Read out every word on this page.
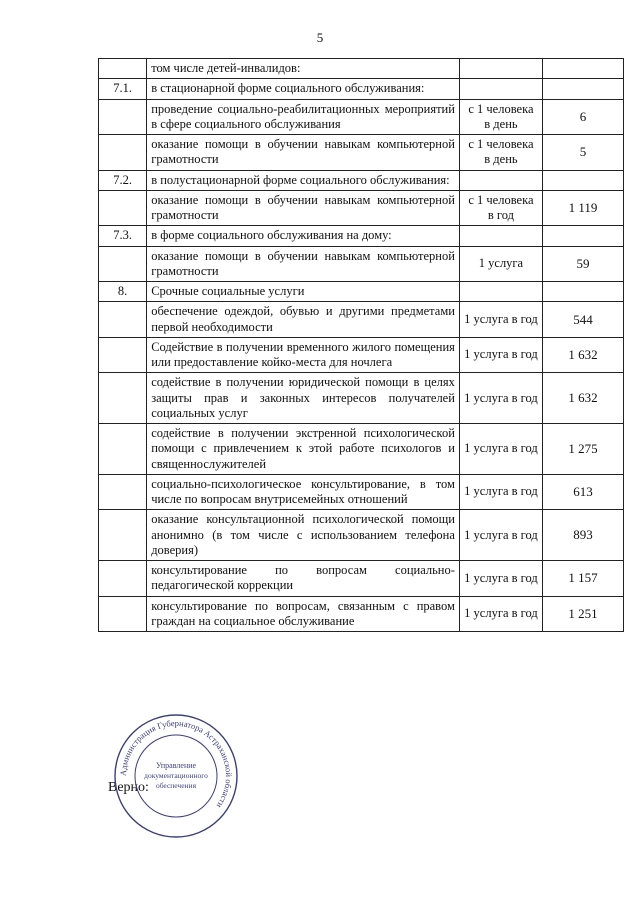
5
	том числе детей-инвалидов:		
7.1.	в стационарной форме социального обслуживания:		
	проведение социально-реабилитационных мероприятий в сфере социального обслуживания	с 1 человека в день	6
	оказание помощи в обучении навыкам компьютерной грамотности	с 1 человека в день	5
7.2.	в полустационарной форме социального обслуживания:		
	оказание помощи в обучении навыкам компьютерной грамотности	с 1 человека в год	1 119
7.3.	в форме социального обслуживания на дому:		
	оказание помощи в обучении навыкам компьютерной грамотности	1 услуга	59
8.	Срочные социальные услуги		
	обеспечение одеждой, обувью и другими предметами первой необходимости	1 услуга в год	544
	Содействие в получении временного жилого помещения или предоставление койко-места для ночлега	1 услуга в год	1 632
	содействие в получении юридической помощи в целях защиты прав и законных интересов получателей социальных услуг	1 услуга в год	1 632
	содействие в получении экстренной психологической помощи с привлечением к этой работе психологов и священнослужителей	1 услуга в год	1 275
	социально-психологическое консультирование, в том числе по вопросам внутрисемейных отношений	1 услуга в год	613
	оказание консультационной психологической помощи анонимно (в том числе с использованием телефона доверия)	1 услуга в год	893
	консультирование по вопросам социально-педагогической коррекции	1 услуга в год	1 157
	консультирование по вопросам, связанным с правом граждан на социальное обслуживание	1 услуга в год	1 251
Верно:
Администрация Губернатора Астраханской области
Управление
документационного
обеспечения
